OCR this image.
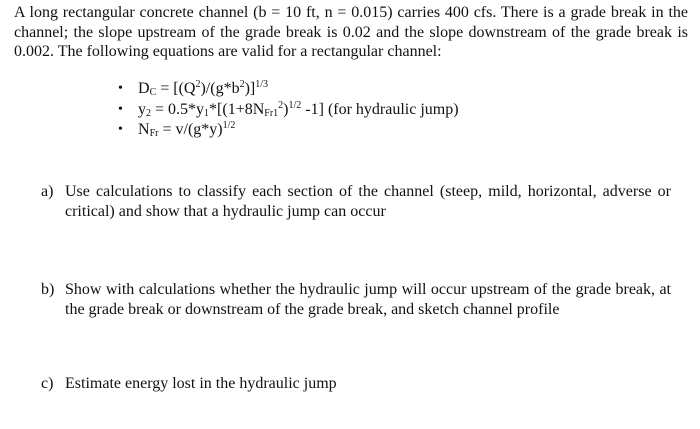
A long rectangular concrete channel (b = 10 ft, n = 0.015) carries 400 cfs. There is a grade break in the channel; the slope upstream of the grade break is 0.02 and the slope downstream of the grade break is 0.002. The following equations are valid for a rectangular channel:
• $D_C = [(Q^2)/(g*b^2)]^{1/3}$
• $y_2 = 0.5*y_1*[(1+8N_{Fr1}^2)^{1/2}$ -1] (for hydraulic jump)
• $N_{Fr} = v/(g*y)^{1/2}$
a) Use calculations to classify each section of the channel (steep, mild, horizontal, adverse or critical) and show that a hydraulic jump can occur
b) Show with calculations whether the hydraulic jump will occur upstream of the grade break, at the grade break or downstream of the grade break, and sketch channel profile
c) Estimate energy lost in the hydraulic jump
